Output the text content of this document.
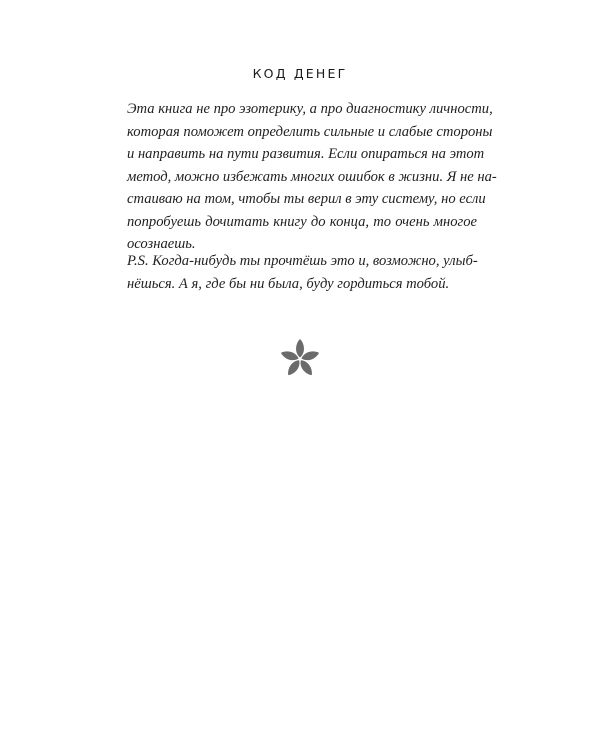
КОД ДЕНЕГ
Эта книга не про эзотерику, а про диагностику личности,
которая поможет определить сильные и слабые стороны
и направить на пути развития. Если опираться на этот
метод, можно избежать многих ошибок в жизни. Я не на-
стаиваю на том, чтобы ты верил в эту систему, но если
попробуешь дочитать книгу до конца, то очень многое
осознаешь.
P.S. Когда-нибудь ты прочтёшь это и, возможно, улыб-
нёшься. А я, где бы ни была, буду гордиться тобой.
